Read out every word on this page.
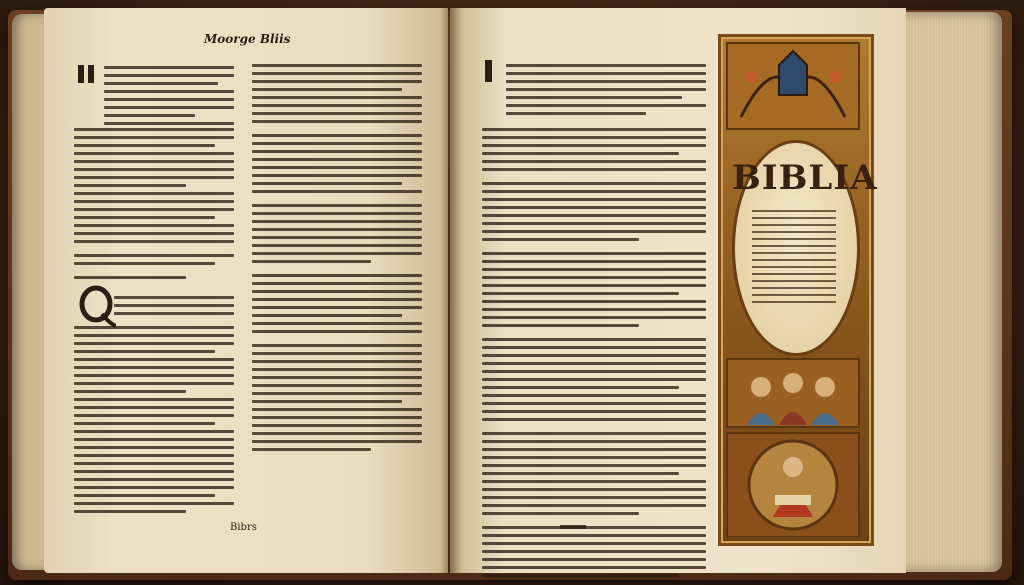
Moorge Bliis
Bibrs
BIBLIA
